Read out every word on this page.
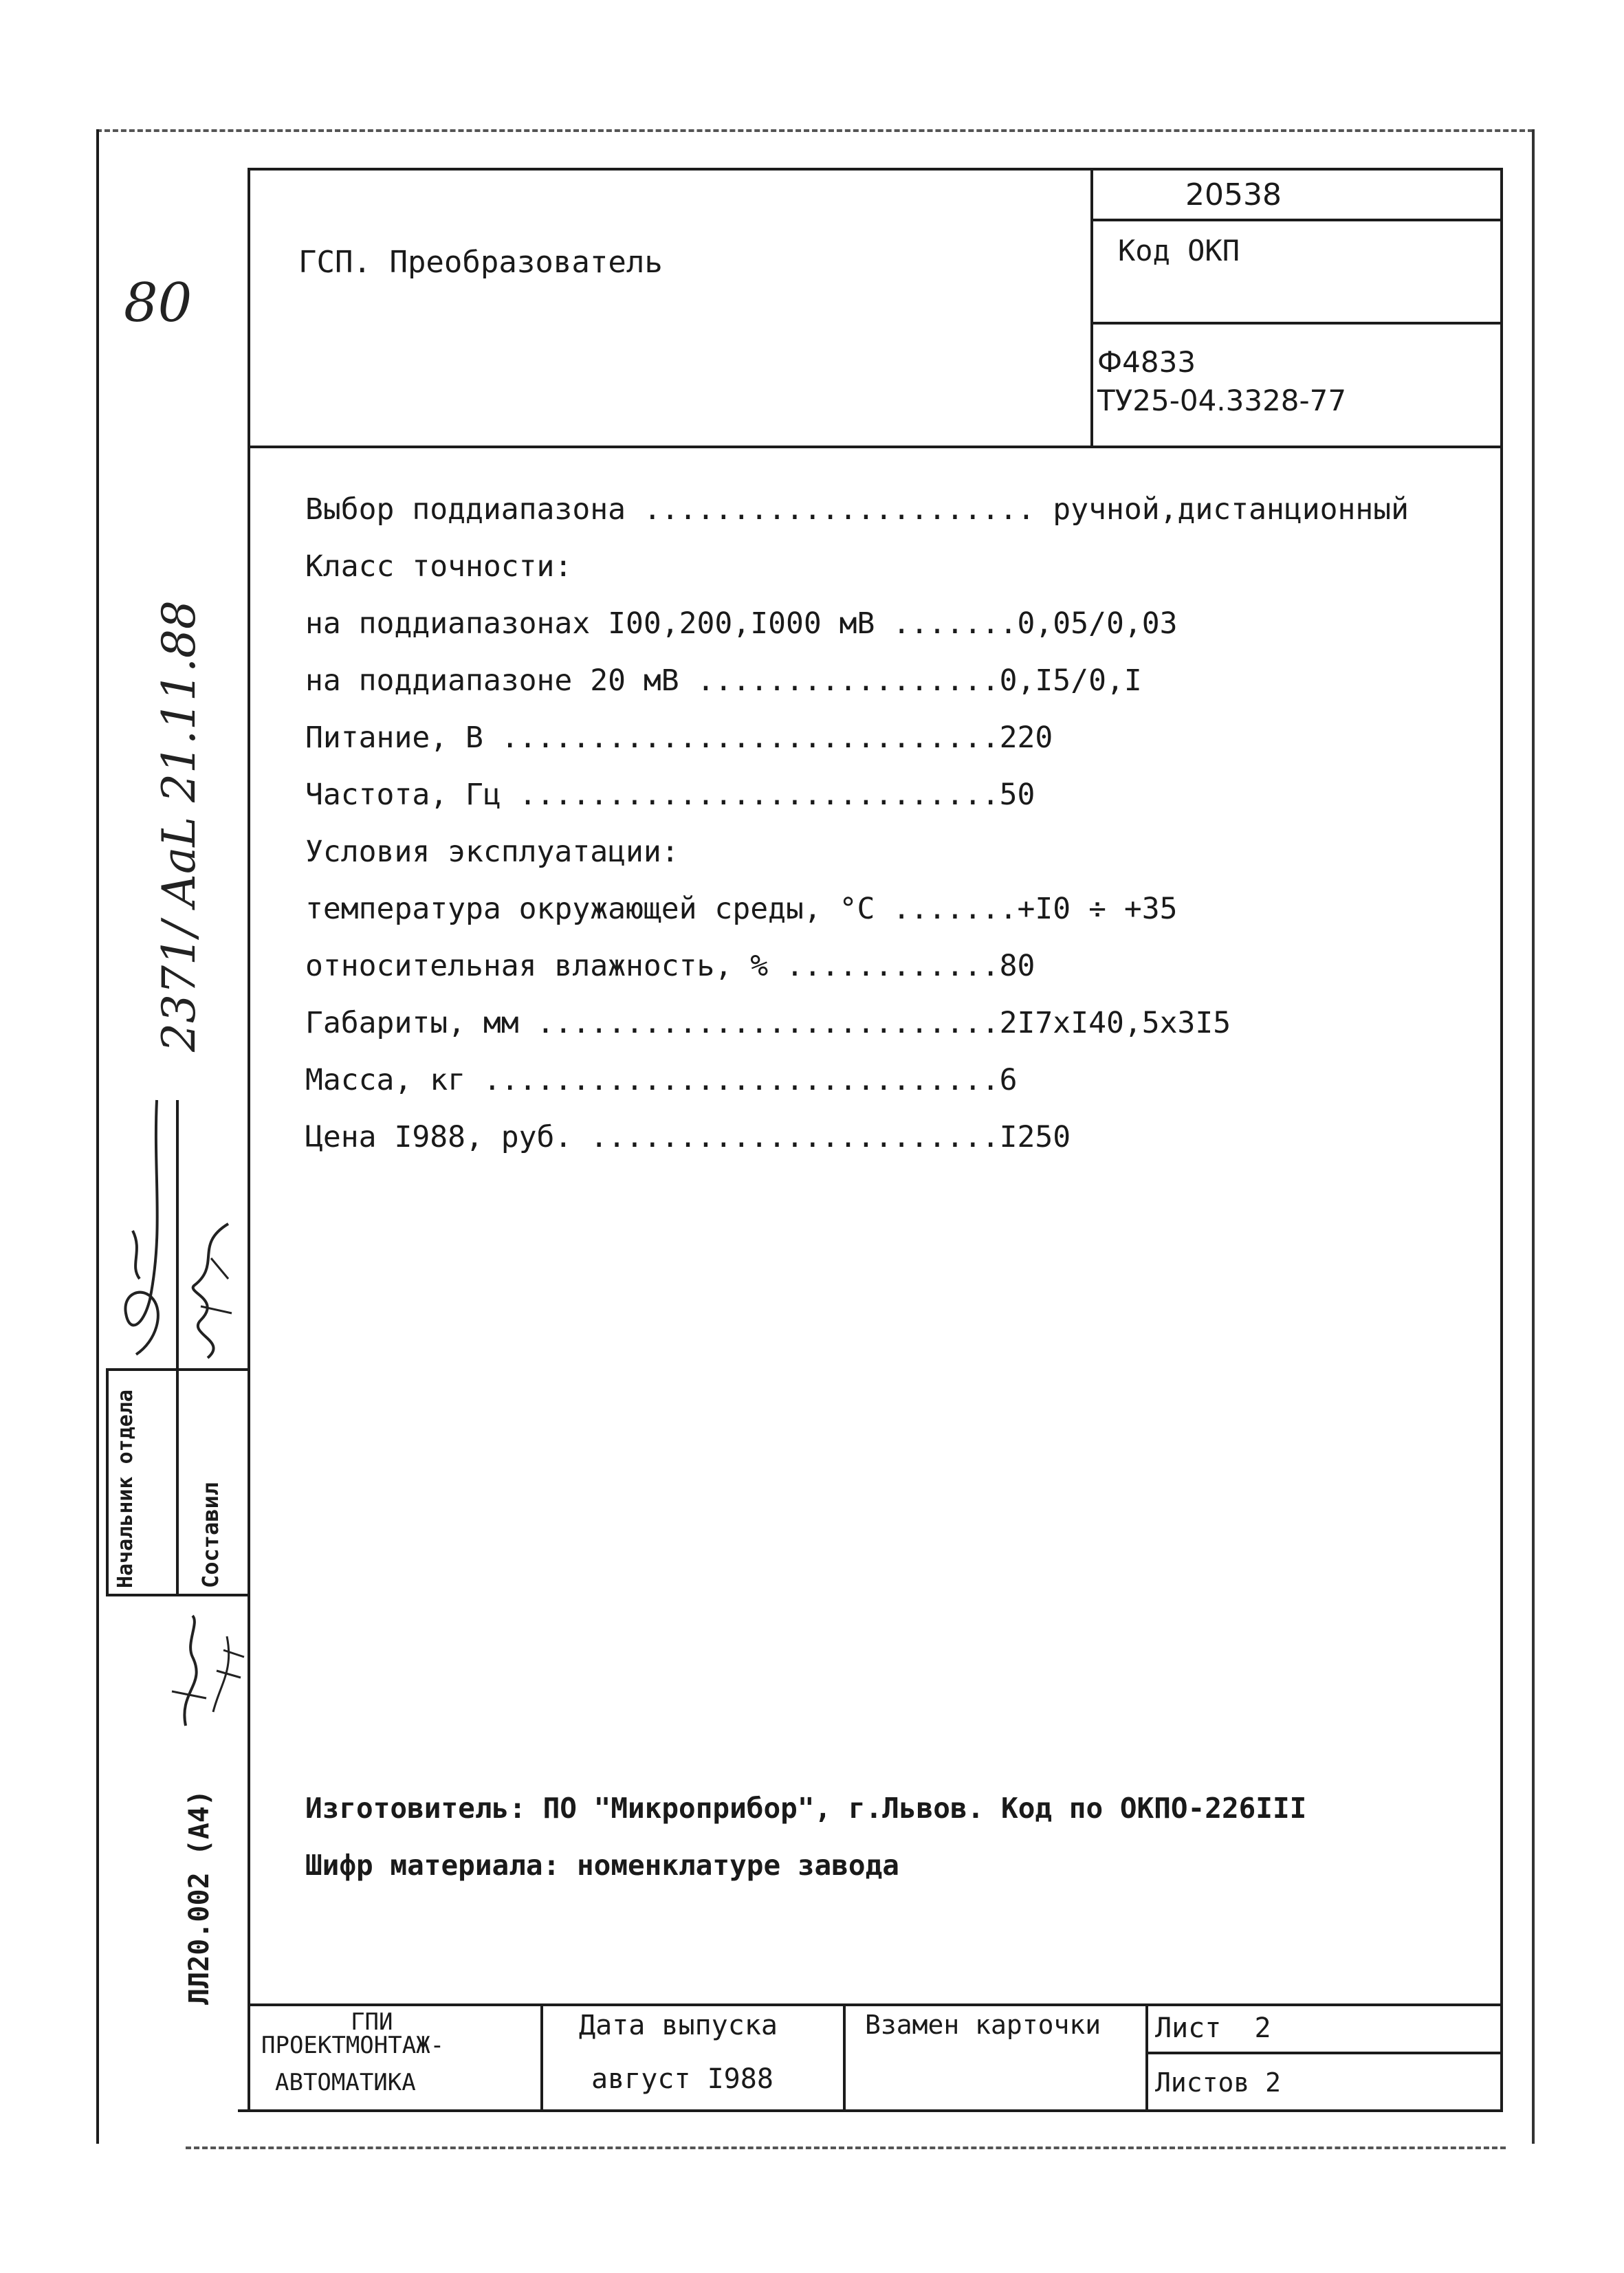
ГСП. Преобразователь
20538
Код ОКП
Ф4833
ТУ25-04.3328-77
Выбор поддиапазона ...................... ручной,дистанционный
Класс точности:
на поддиапазонах I00,200,I000 мВ .......0,05/0,03
на поддиапазоне 20 мВ .................0,I5/0,I
Питание, В ............................220
Частота, Гц ...........................50
Условия эксплуатации:
температура окружающей среды, °C .......+I0 ÷ +35
относительная влажность, % ............80
Габариты, мм ..........................2I7xI40,5x3I5
Масса, кг .............................6
Цена I988, руб. .......................I250
Изготовитель: ПО "Микроприбор", г.Львов. Код по ОКПО-226III
Шифр материала: номенклатуре завода
ГПИ
ПРОЕКТМОНТАЖ-
АВТОМАТИКА
Дата выпуска
август I988
Взамен карточки Лист  2
Листов 2
Начальник отдела	Составил
80
2371/ AaL 21.11.88
ЛЛ20.002 (А4)
